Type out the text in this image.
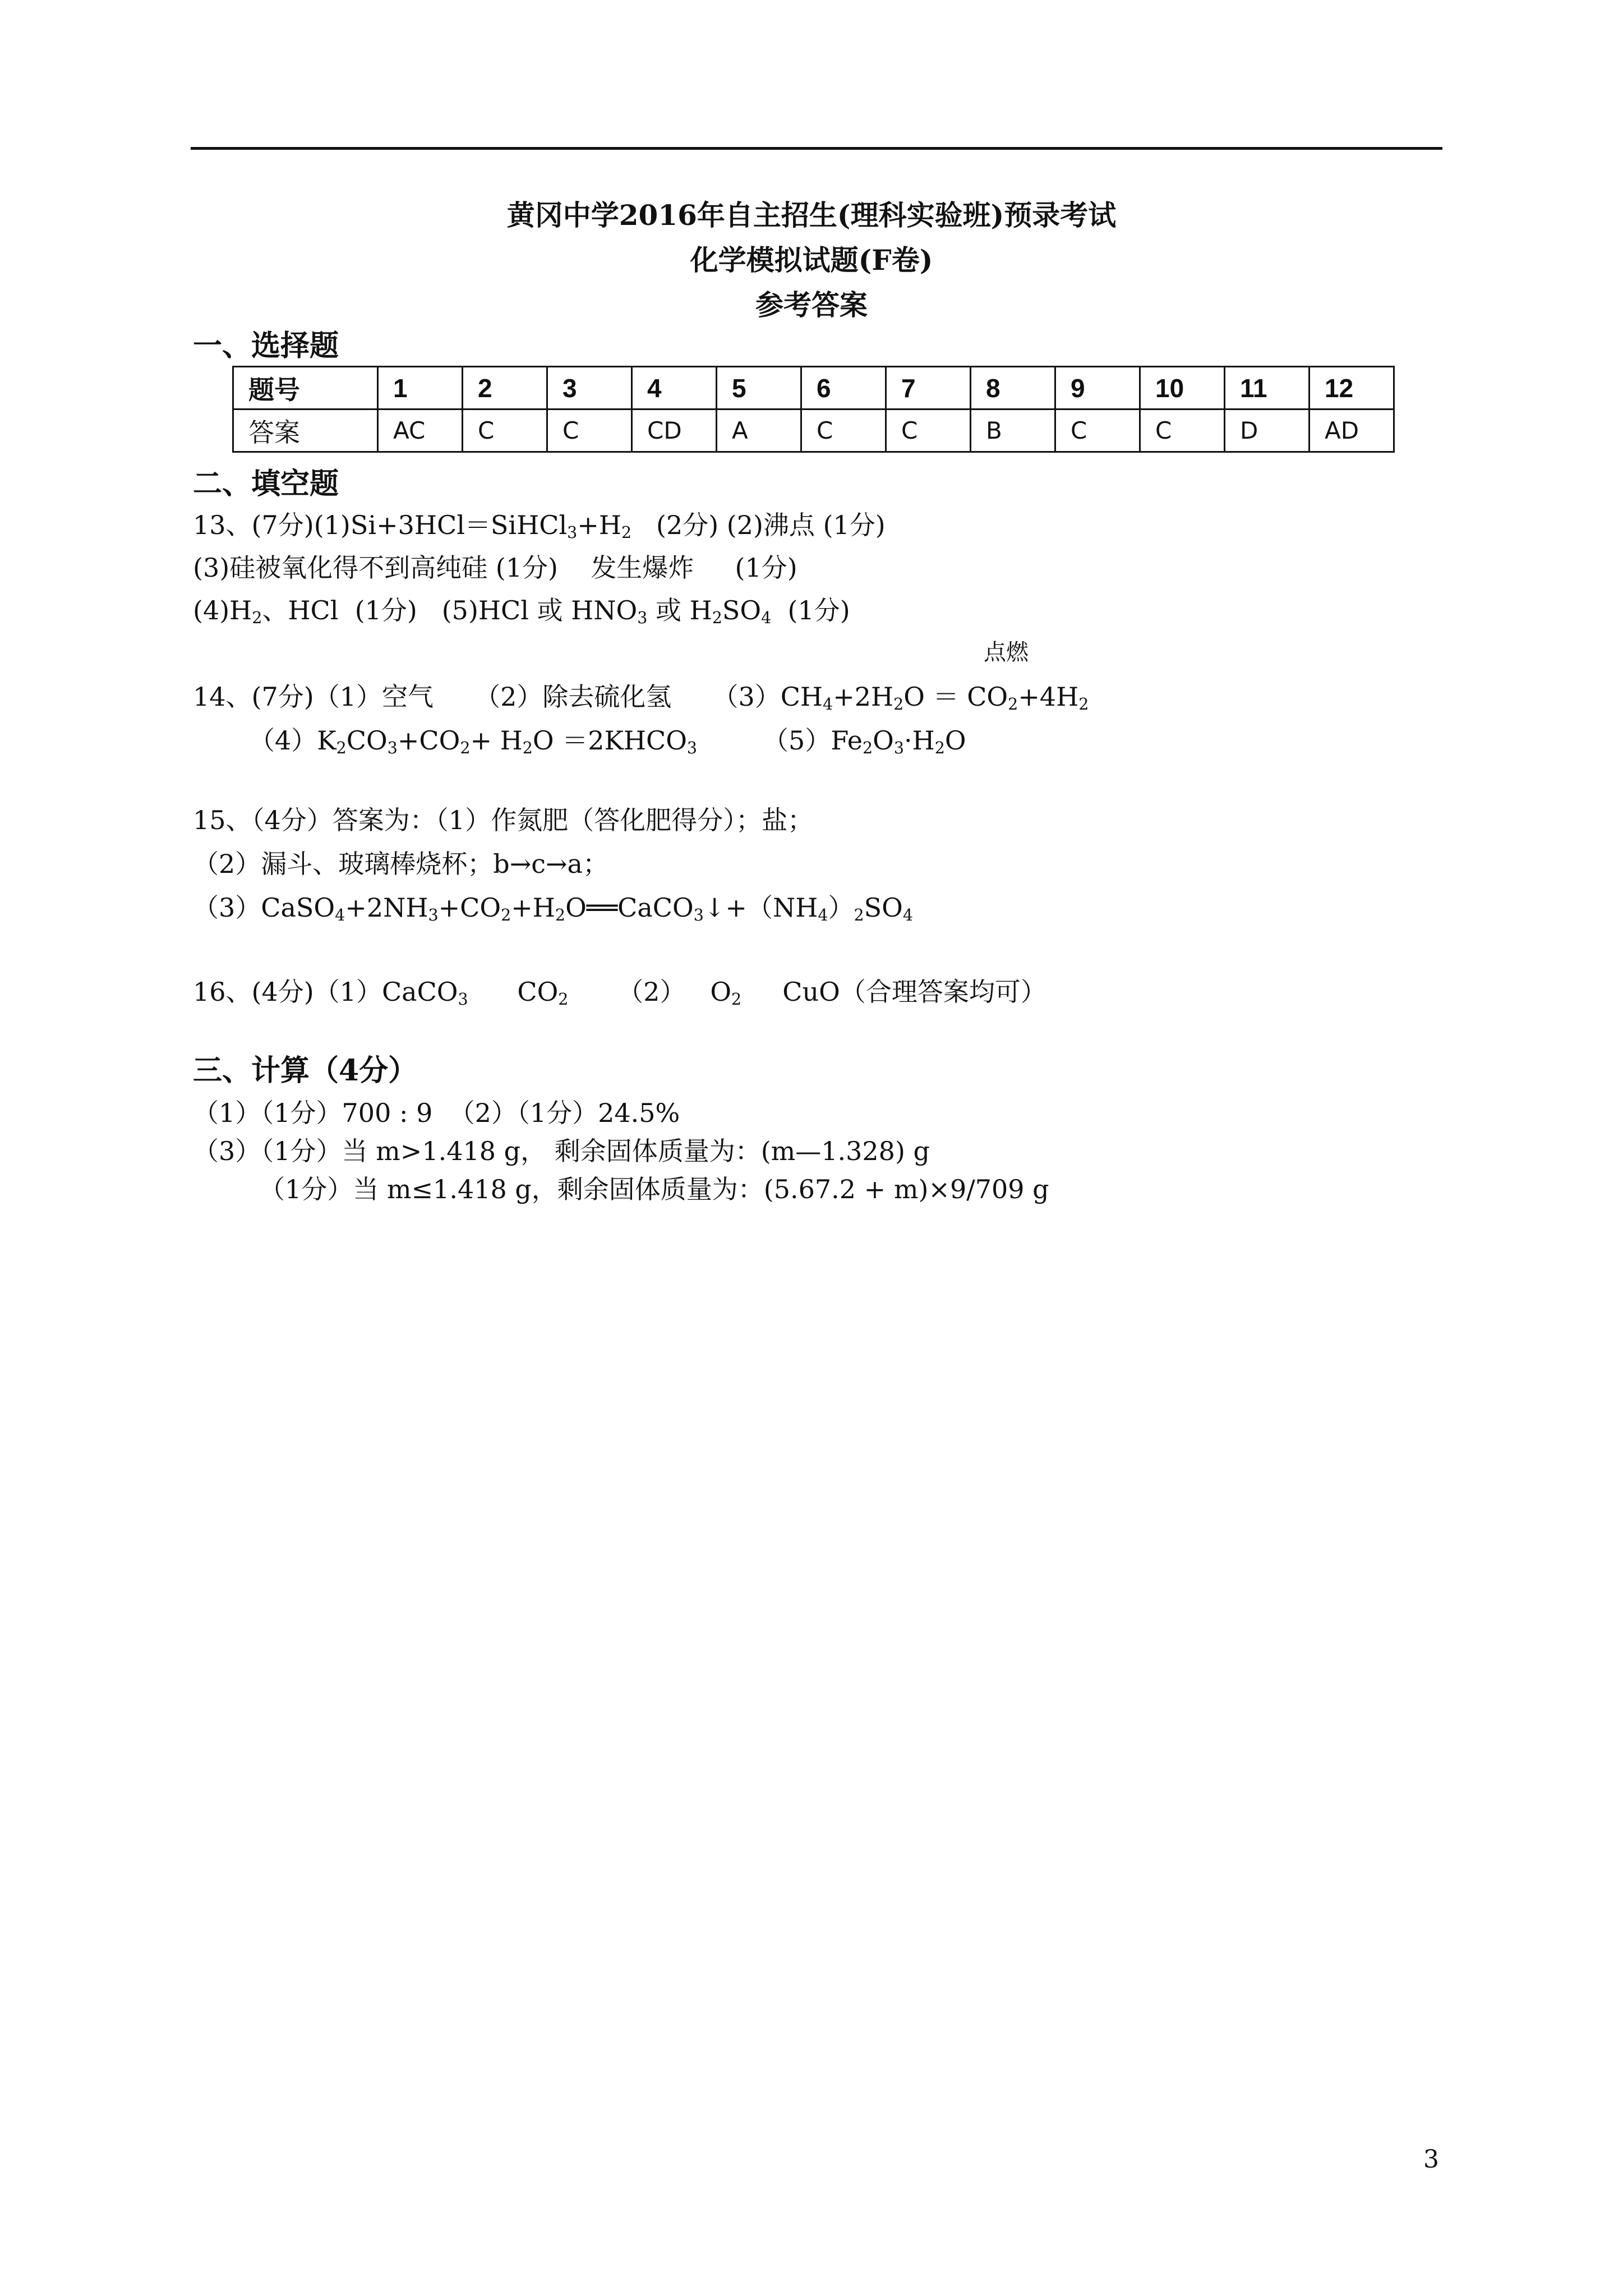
黄冈中学2016年自主招生(理科实验班)预录考试
化学模拟试题(F卷)
参考答案
一、选择题
题号	1	2	3	4	5	6	7	8	9	10	11	12
答案	AC	C	C	CD	A	C	C	B	C	C	D	AD
二、填空题
13、(7分)$(1)Si+3HCl=SiHCl_3+H_2$   (2分) (2)沸点 (1分)
(3)硅被氧化得不到高纯硅 (1分)    发生爆炸     (1分)
$(4)H_2$、HCl  (1分)   (5)HCl 或 $HNO_3$ 或 $H_2SO_4$  (1分)
点燃
14、(7分)（1）空气     （2）除去硫化氢     $(3)CH_4+2H_2O = CO_2+4H_2$
$(4)K_2CO_3+CO_2+ H_2O$ $=2KHCO_3$        $(5)Fe_2O_3\cdot H_2O$
15、（4分）答案为：（1）作氮肥（答化肥得分）；盐；
（2）漏斗、玻璃棒烧杯；b→c→a；
$(3)CaSO_4+2NH_3+CO_2+H_2O══CaCO_3↓+(NH_4)_2SO_4$
16、(4分)（1）CaCO$_3$      $CO_2$      （2）   $O_2$     CuO（合理答案均可）
三、计算（4分）
（1）（1分）700 : 9  （2）（1分）24.5%
（3）（1分）当 m>1.418 g， 剩余固体质量为：(m—1.328) g
（1分）当 m≤1.418 g，剩余固体质量为：(5.67.2 + m)×9/709 g
3
